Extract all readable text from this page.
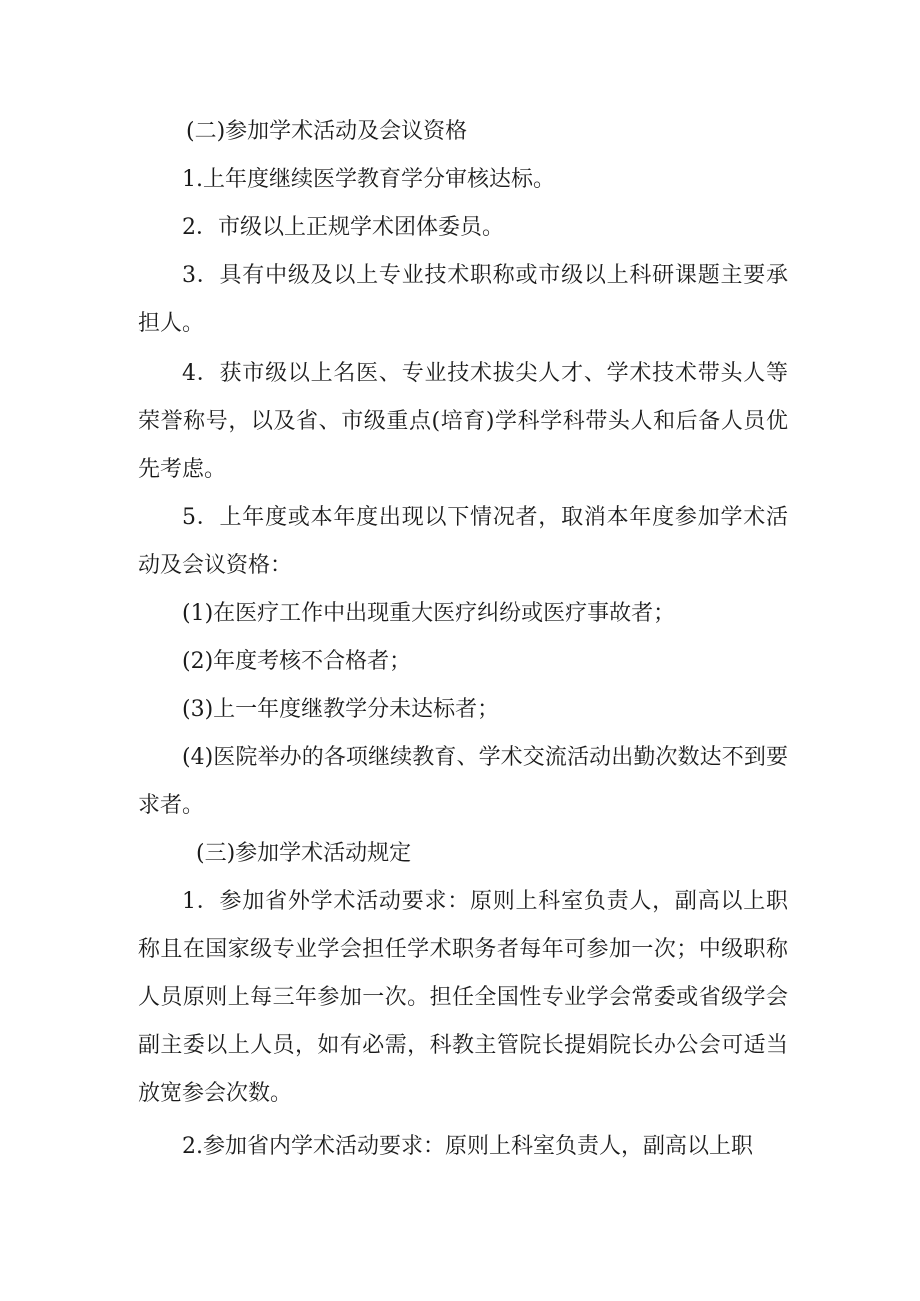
(二)参加学术活动及会议资格

1.上年度继续医学教育学分审核达标。

2．市级以上正规学术团体委员。

3．具有中级及以上专业技术职称或市级以上科研课题主要承担人。

4．获市级以上名医、专业技术拔尖人才、学术技术带头人等荣誉称号，以及省、市级重点(培育)学科学科带头人和后备人员优先考虑。

5．上年度或本年度出现以下情况者，取消本年度参加学术活动及会议资格：

(1)在医疗工作中出现重大医疗纠纷或医疗事故者；

(2)年度考核不合格者；

(3)上一年度继教学分未达标者；

(4)医院举办的各项继续教育、学术交流活动出勤次数达不到要求者。

(三)参加学术活动规定

1．参加省外学术活动要求：原则上科室负责人，副高以上职称且在国家级专业学会担任学术职务者每年可参加一次；中级职称人员原则上每三年参加一次。担任全国性专业学会常委或省级学会副主委以上人员，如有必需，科教主管院长提娟院长办公会可适当放宽参会次数。

2.参加省内学术活动要求：原则上科室负责人，副高以上职
